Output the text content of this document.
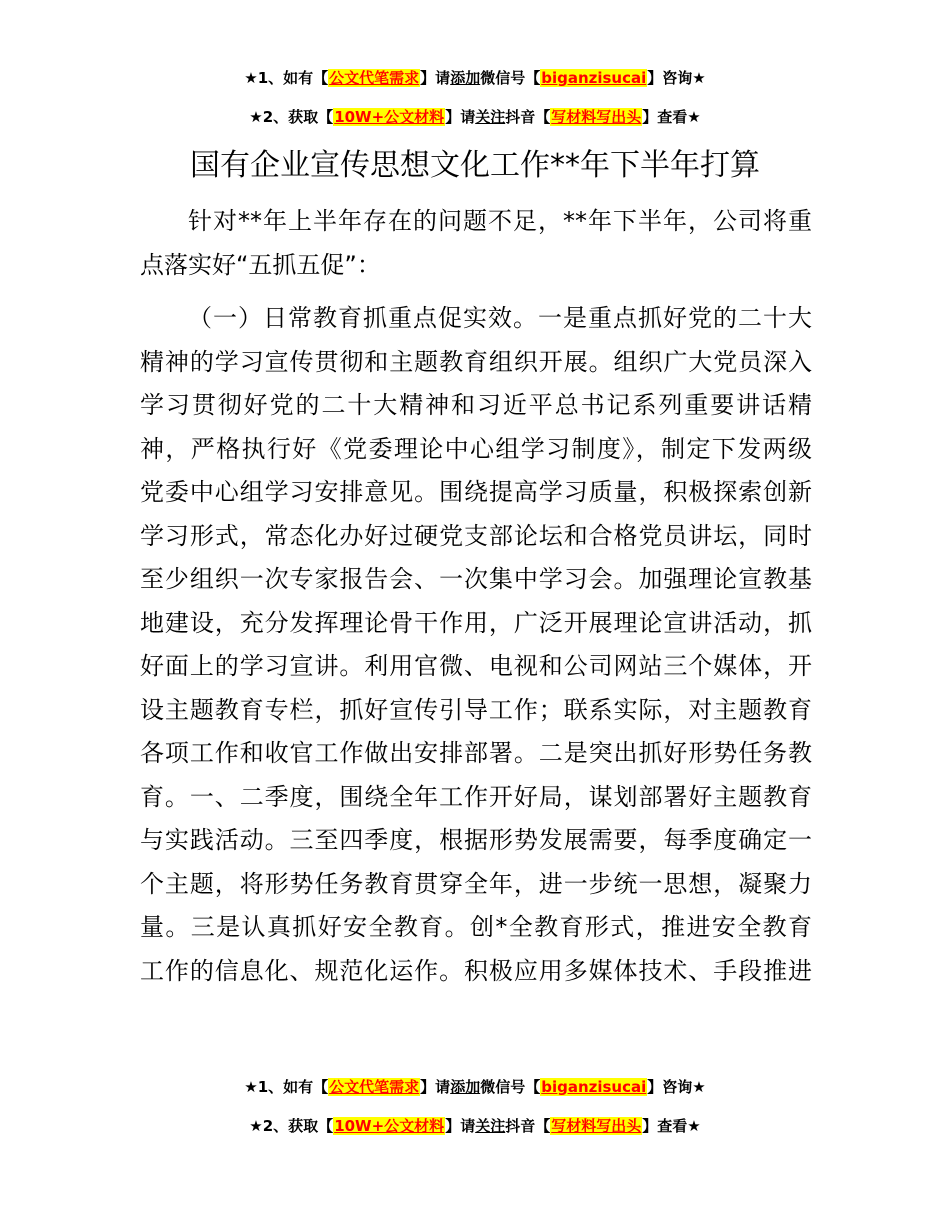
★1、如有【公文代笔需求】请添加微信号【biganzisucai】咨询★
★2、获取【10W+公文材料】请关注抖音【写材料写出头】查看★
国有企业宣传思想文化工作**年下半年打算
针对**年上半年存在的问题不足，**年下半年，公司将重
点落实好“五抓五促”：
（一）日常教育抓重点促实效。一是重点抓好党的二十大
精神的学习宣传贯彻和主题教育组织开展。组织广大党员深入
学习贯彻好党的二十大精神和习近平总书记系列重要讲话精
神，严格执行好《党委理论中心组学习制度》，制定下发两级
党委中心组学习安排意见。围绕提高学习质量，积极探索创新
学习形式，常态化办好过硬党支部论坛和合格党员讲坛，同时
至少组织一次专家报告会、一次集中学习会。加强理论宣教基
地建设，充分发挥理论骨干作用，广泛开展理论宣讲活动，抓
好面上的学习宣讲。利用官微、电视和公司网站三个媒体，开
设主题教育专栏，抓好宣传引导工作；联系实际，对主题教育
各项工作和收官工作做出安排部署。二是突出抓好形势任务教
育。一、二季度，围绕全年工作开好局，谋划部署好主题教育
与实践活动。三至四季度，根据形势发展需要，每季度确定一
个主题，将形势任务教育贯穿全年，进一步统一思想，凝聚力
量。三是认真抓好安全教育。创*全教育形式，推进安全教育
工作的信息化、规范化运作。积极应用多媒体技术、手段推进
★1、如有【公文代笔需求】请添加微信号【biganzisucai】咨询★
★2、获取【10W+公文材料】请关注抖音【写材料写出头】查看★
